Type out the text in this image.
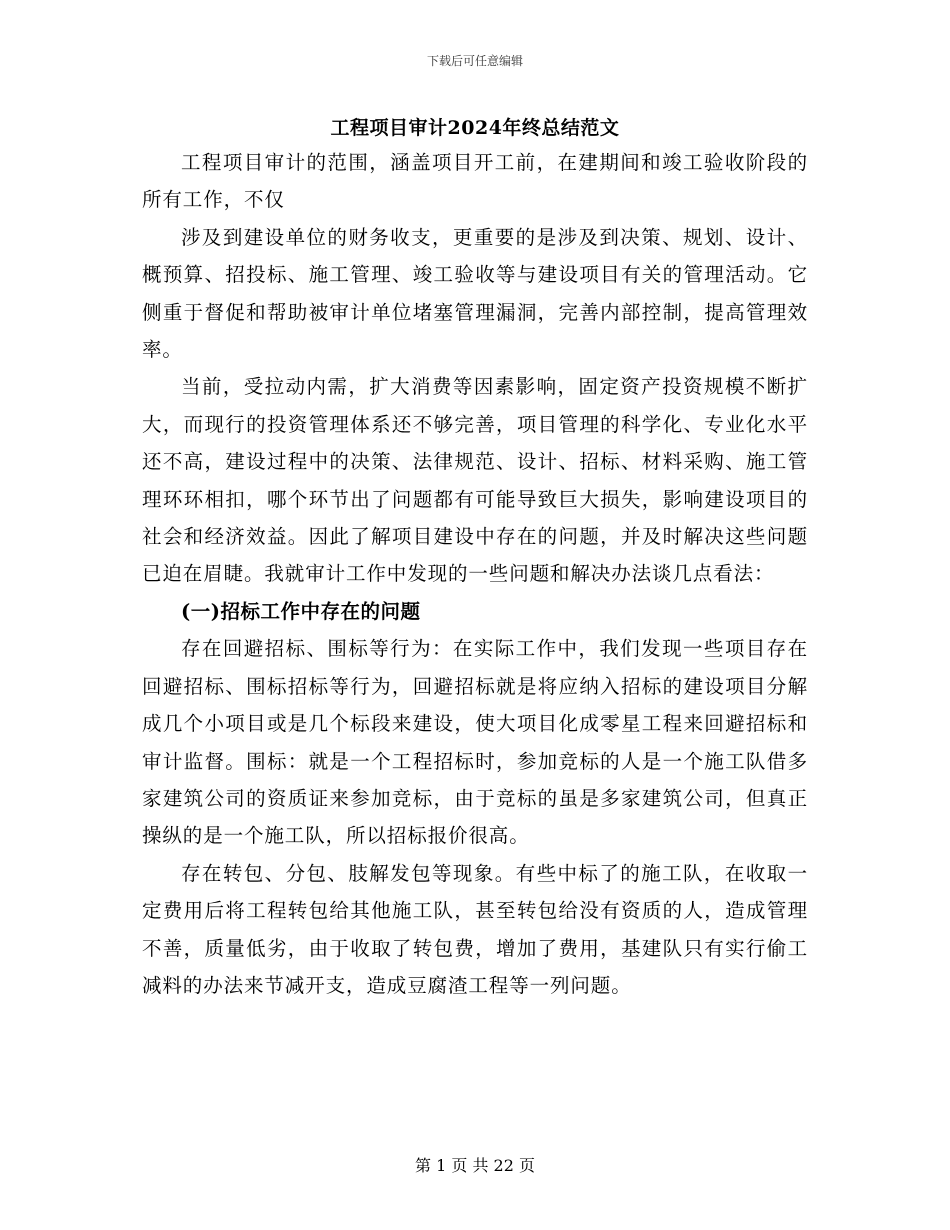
下载后可任意编辑
工程项目审计2024年终总结范文

工程项目审计的范围，涵盖项目开工前，在建期间和竣工验收阶段的所有工作，不仅

涉及到建设单位的财务收支，更重要的是涉及到决策、规划、设计、概预算、招投标、施工管理、竣工验收等与建设项目有关的管理活动。它侧重于督促和帮助被审计单位堵塞管理漏洞，完善内部控制，提高管理效率。

当前，受拉动内需，扩大消费等因素影响，固定资产投资规模不断扩大，而现行的投资管理体系还不够完善，项目管理的科学化、专业化水平还不高，建设过程中的决策、法律规范、设计、招标、材料采购、施工管理环环相扣，哪个环节出了问题都有可能导致巨大损失，影响建设项目的社会和经济效益。因此了解项目建设中存在的问题，并及时解决这些问题已迫在眉睫。我就审计工作中发现的一些问题和解决办法谈几点看法：

(一)招标工作中存在的问题

存在回避招标、围标等行为：在实际工作中，我们发现一些项目存在回避招标、围标招标等行为，回避招标就是将应纳入招标的建设项目分解成几个小项目或是几个标段来建设，使大项目化成零星工程来回避招标和审计监督。围标：就是一个工程招标时，参加竞标的人是一个施工队借多家建筑公司的资质证来参加竞标，由于竞标的虽是多家建筑公司，但真正操纵的是一个施工队，所以招标报价很高。

存在转包、分包、肢解发包等现象。有些中标了的施工队，在收取一定费用后将工程转包给其他施工队，甚至转包给没有资质的人，造成管理不善，质量低劣，由于收取了转包费，增加了费用，基建队只有实行偷工减料的办法来节减开支，造成豆腐渣工程等一列问题。

第 1 页 共 22 页
